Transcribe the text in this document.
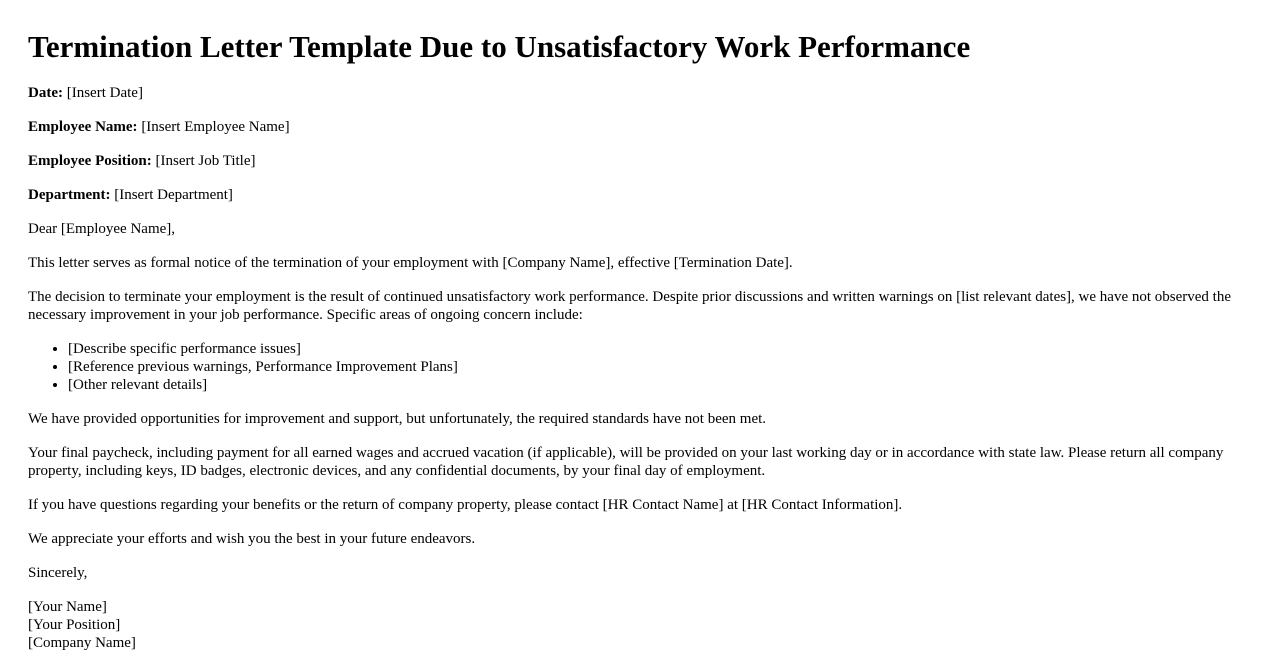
Termination Letter Template Due to Unsatisfactory Work Performance

Date: [Insert Date]

Employee Name: [Insert Employee Name]

Employee Position: [Insert Job Title]

Department: [Insert Department]

Dear [Employee Name],

This letter serves as formal notice of the termination of your employment with [Company Name], effective [Termination Date].

The decision to terminate your employment is the result of continued unsatisfactory work performance. Despite prior discussions and written warnings on [list relevant dates], we have not observed the necessary improvement in your job performance. Specific areas of ongoing concern include:

• [Describe specific performance issues]
• [Reference previous warnings, Performance Improvement Plans]
• [Other relevant details]

We have provided opportunities for improvement and support, but unfortunately, the required standards have not been met.

Your final paycheck, including payment for all earned wages and accrued vacation (if applicable), will be provided on your last working day or in accordance with state law. Please return all company property, including keys, ID badges, electronic devices, and any confidential documents, by your final day of employment.

If you have questions regarding your benefits or the return of company property, please contact [HR Contact Name] at [HR Contact Information].

We appreciate your efforts and wish you the best in your future endeavors.

Sincerely,

[Your Name]
[Your Position]
[Company Name]
